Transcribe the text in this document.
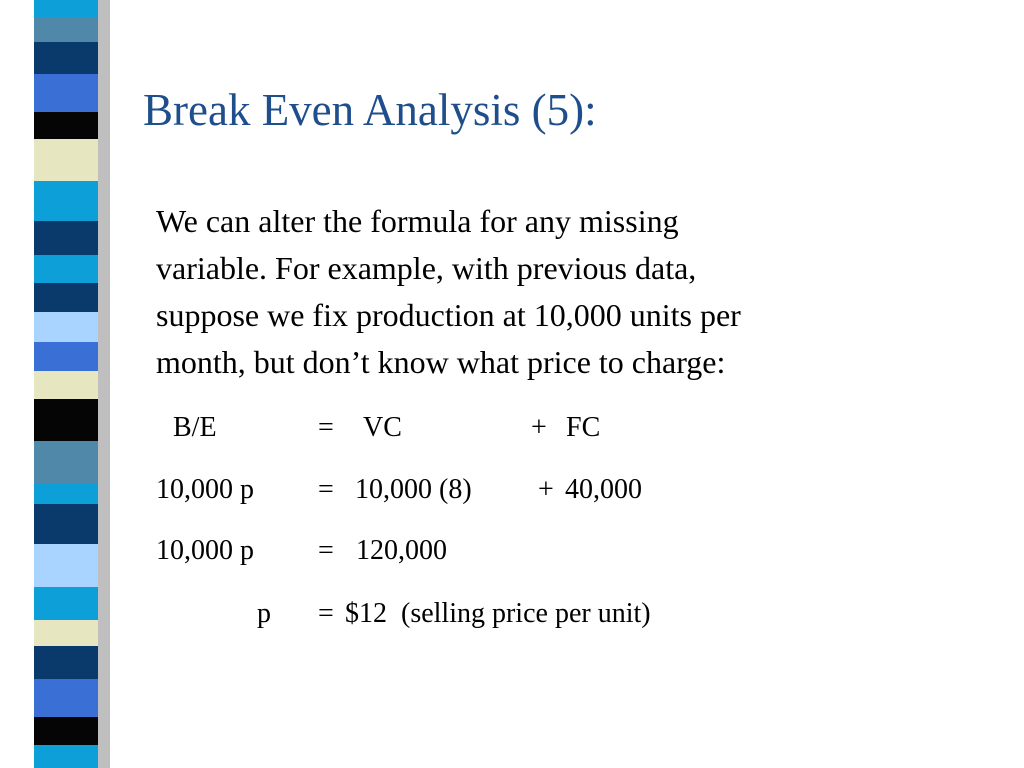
Break Even Analysis (5):

We can alter the formula for any missing

variable. For example, with previous data,

suppose we fix production at 10,000 units per

month, but don’t know what price to charge:

B/E	= VC	+ FC
10,000 p = 10,000 (8) + 40,000
10,000 p = 120,000
p = $12  (selling price per unit)
